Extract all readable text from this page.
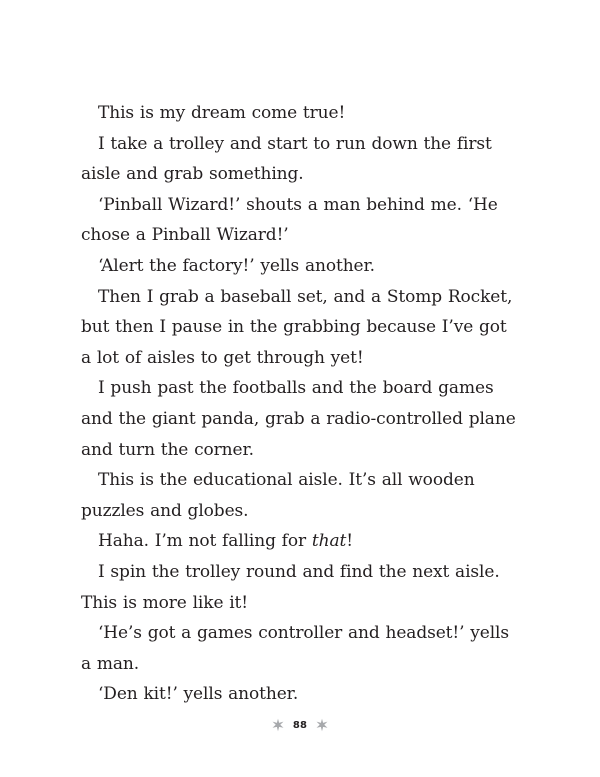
This is my dream come true!

I take a trolley and start to run down the first aisle and grab something.

‘Pinball Wizard!’ shouts a man behind me. ‘He chose a Pinball Wizard!’

‘Alert the factory!’ yells another.

Then I grab a baseball set, and a Stomp Rocket, but then I pause in the grabbing because I’ve got a lot of aisles to get through yet!

I push past the footballs and the board games and the giant panda, grab a radio-controlled plane and turn the corner.

This is the educational aisle. It’s all wooden puzzles and globes.

Haha. I’m not falling for that!

I spin the trolley round and find the next aisle. This is more like it!

‘He’s got a games controller and headset!’ yells a man.

‘Den kit!’ yells another.

88
